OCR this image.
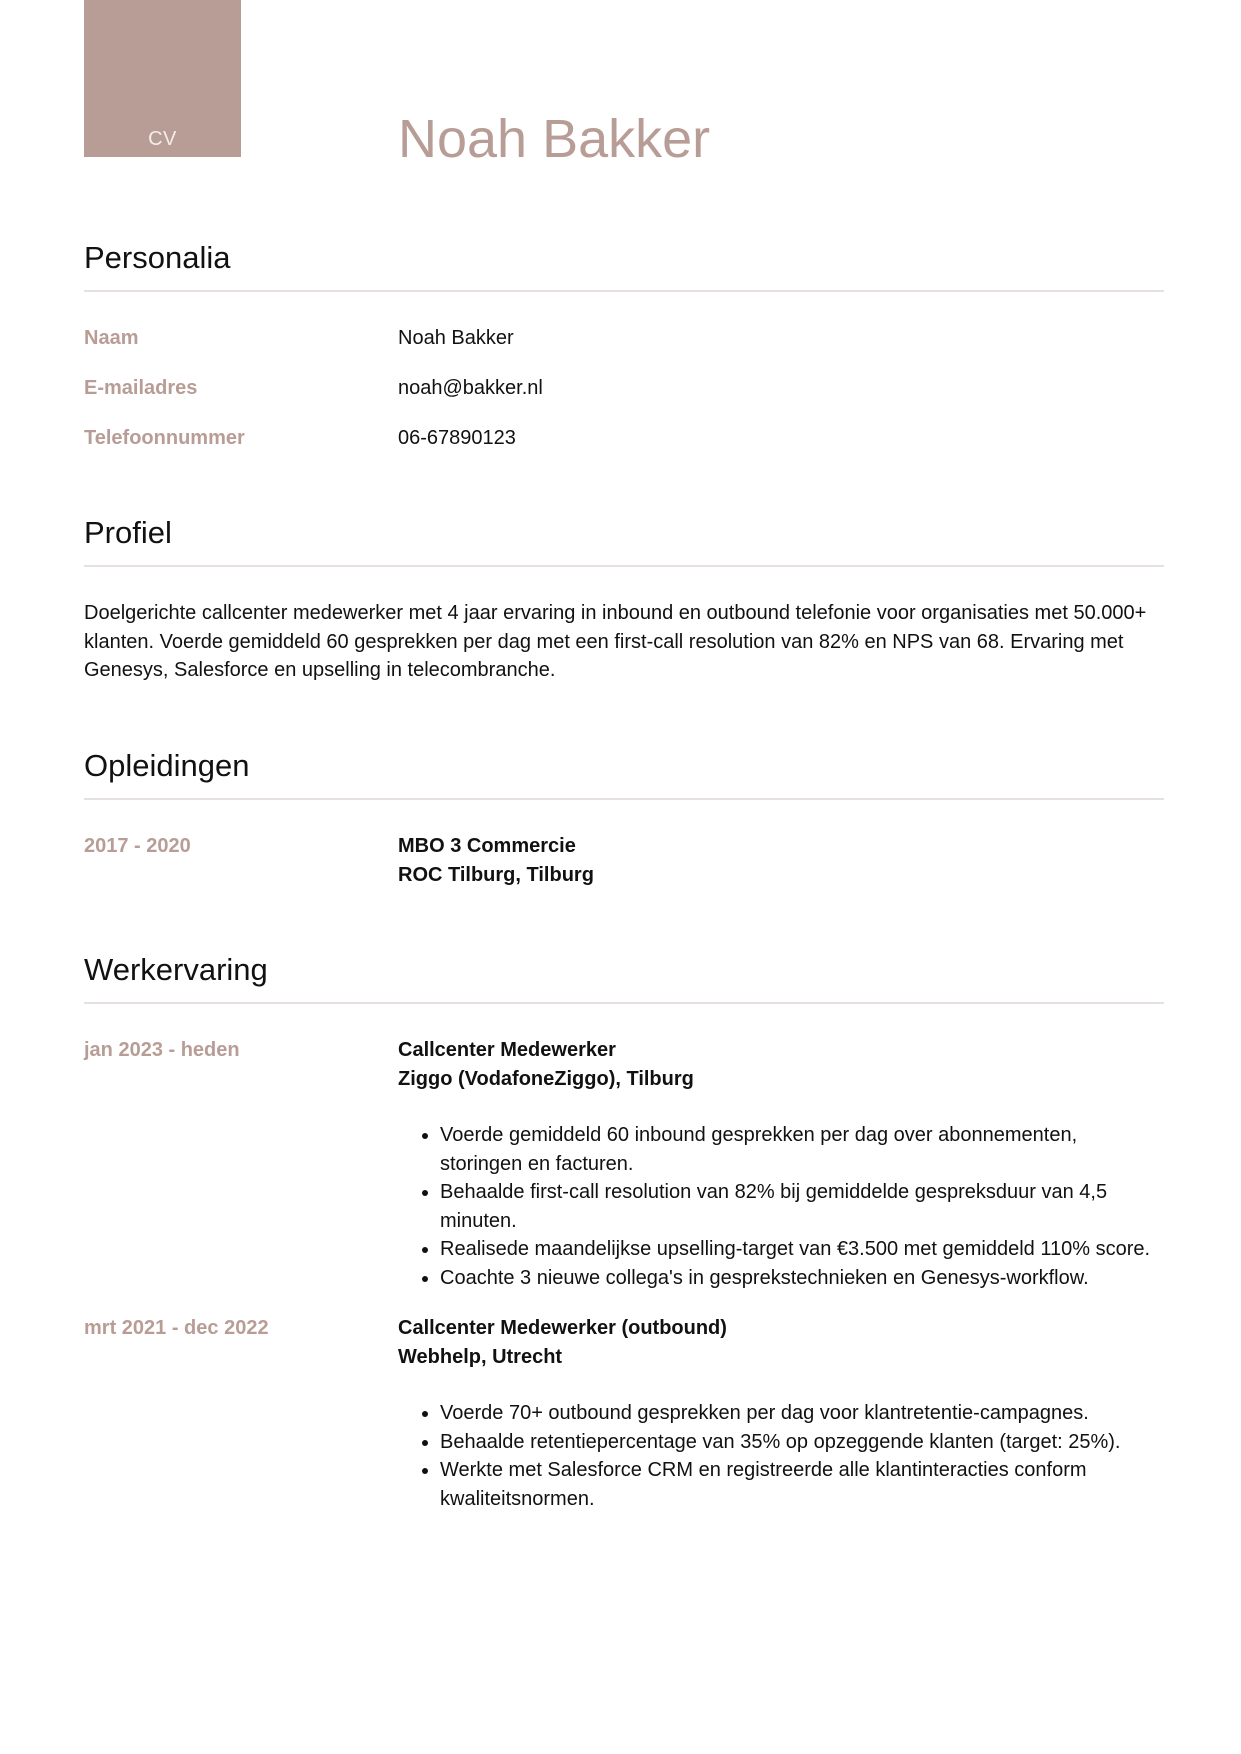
CV	Noah Bakker
Personalia
Naam	Noah Bakker
E-mailadres	noah@bakker.nl
Telefoonnummer	06-67890123
Profiel

Doelgerichte callcenter medewerker met 4 jaar ervaring in inbound en outbound telefonie voor organisaties met 50.000+ klanten. Voerde gemiddeld 60 gesprekken per dag met een first-call resolution van 82% en NPS van 68. Ervaring met Genesys, Salesforce en upselling in telecombranche.

Opleidingen
2017 - 2020	MBO 3 Commercie
ROC Tilburg, Tilburg
Werkervaring
jan 2023 - heden	Callcenter Medewerker
Ziggo (VodafoneZiggo), Tilburg
• Voerde gemiddeld 60 inbound gesprekken per dag over abonnementen, storingen en facturen.
• Behaalde first-call resolution van 82% bij gemiddelde gespreksduur van 4,5 minuten.
• Realisede maandelijkse upselling-target van €3.500 met gemiddeld 110% score.
• Coachte 3 nieuwe collega's in gesprekstechnieken en Genesys-workflow.
mrt 2021 - dec 2022	Callcenter Medewerker (outbound)
Webhelp, Utrecht
• Voerde 70+ outbound gesprekken per dag voor klantretentie-campagnes.
• Behaalde retentiepercentage van 35% op opzeggende klanten (target: 25%).
• Werkte met Salesforce CRM en registreerde alle klantinteracties conform kwaliteitsnormen.
